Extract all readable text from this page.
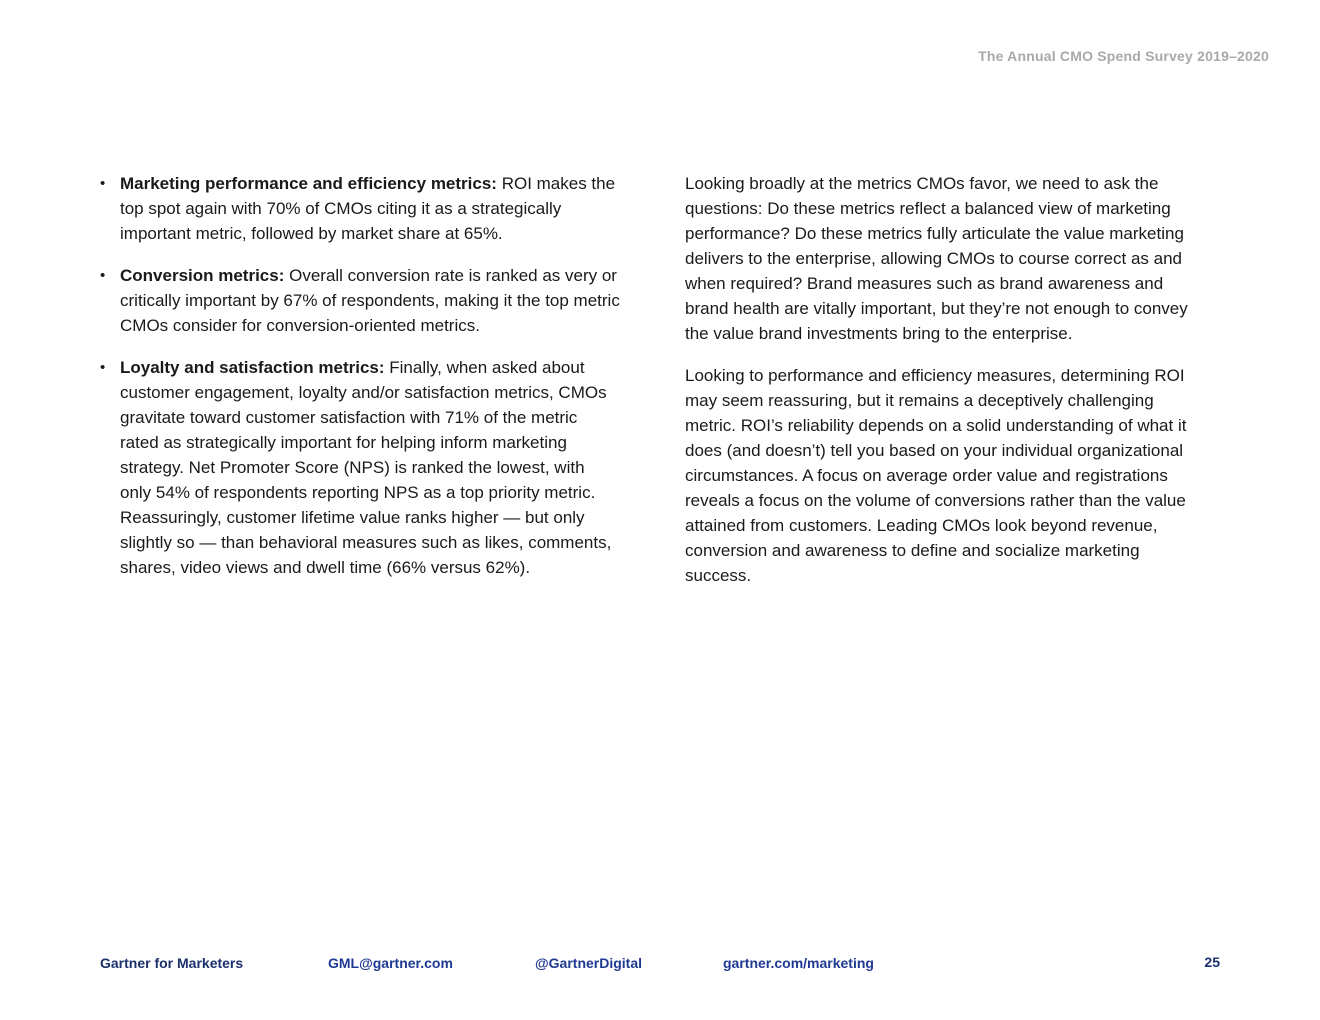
The Annual CMO Spend Survey 2019–2020
• Marketing performance and efficiency metrics: ROI makes the top spot again with 70% of CMOs citing it as a strategically important metric, followed by market share at 65%.
• Conversion metrics: Overall conversion rate is ranked as very or critically important by 67% of respondents, making it the top metric CMOs consider for conversion-oriented metrics.
• Loyalty and satisfaction metrics: Finally, when asked about customer engagement, loyalty and/or satisfaction metrics, CMOs gravitate toward customer satisfaction with 71% of the metric rated as strategically important for helping inform marketing strategy. Net Promoter Score (NPS) is ranked the lowest, with only 54% of respondents reporting NPS as a top priority metric. Reassuringly, customer lifetime value ranks higher — but only slightly so — than behavioral measures such as likes, comments, shares, video views and dwell time (66% versus 62%).

Looking broadly at the metrics CMOs favor, we need to ask the questions: Do these metrics reflect a balanced view of marketing performance? Do these metrics fully articulate the value marketing delivers to the enterprise, allowing CMOs to course correct as and when required? Brand measures such as brand awareness and brand health are vitally important, but they’re not enough to convey the value brand investments bring to the enterprise.

Looking to performance and efficiency measures, determining ROI may seem reassuring, but it remains a deceptively challenging metric. ROI’s reliability depends on a solid understanding of what it does (and doesn’t) tell you based on your individual organizational circumstances. A focus on average order value and registrations reveals a focus on the volume of conversions rather than the value attained from customers. Leading CMOs look beyond revenue, conversion and awareness to define and socialize marketing success.

Gartner for Marketers	GML@gartner.com	@GartnerDigital	gartner.com/marketing	25
